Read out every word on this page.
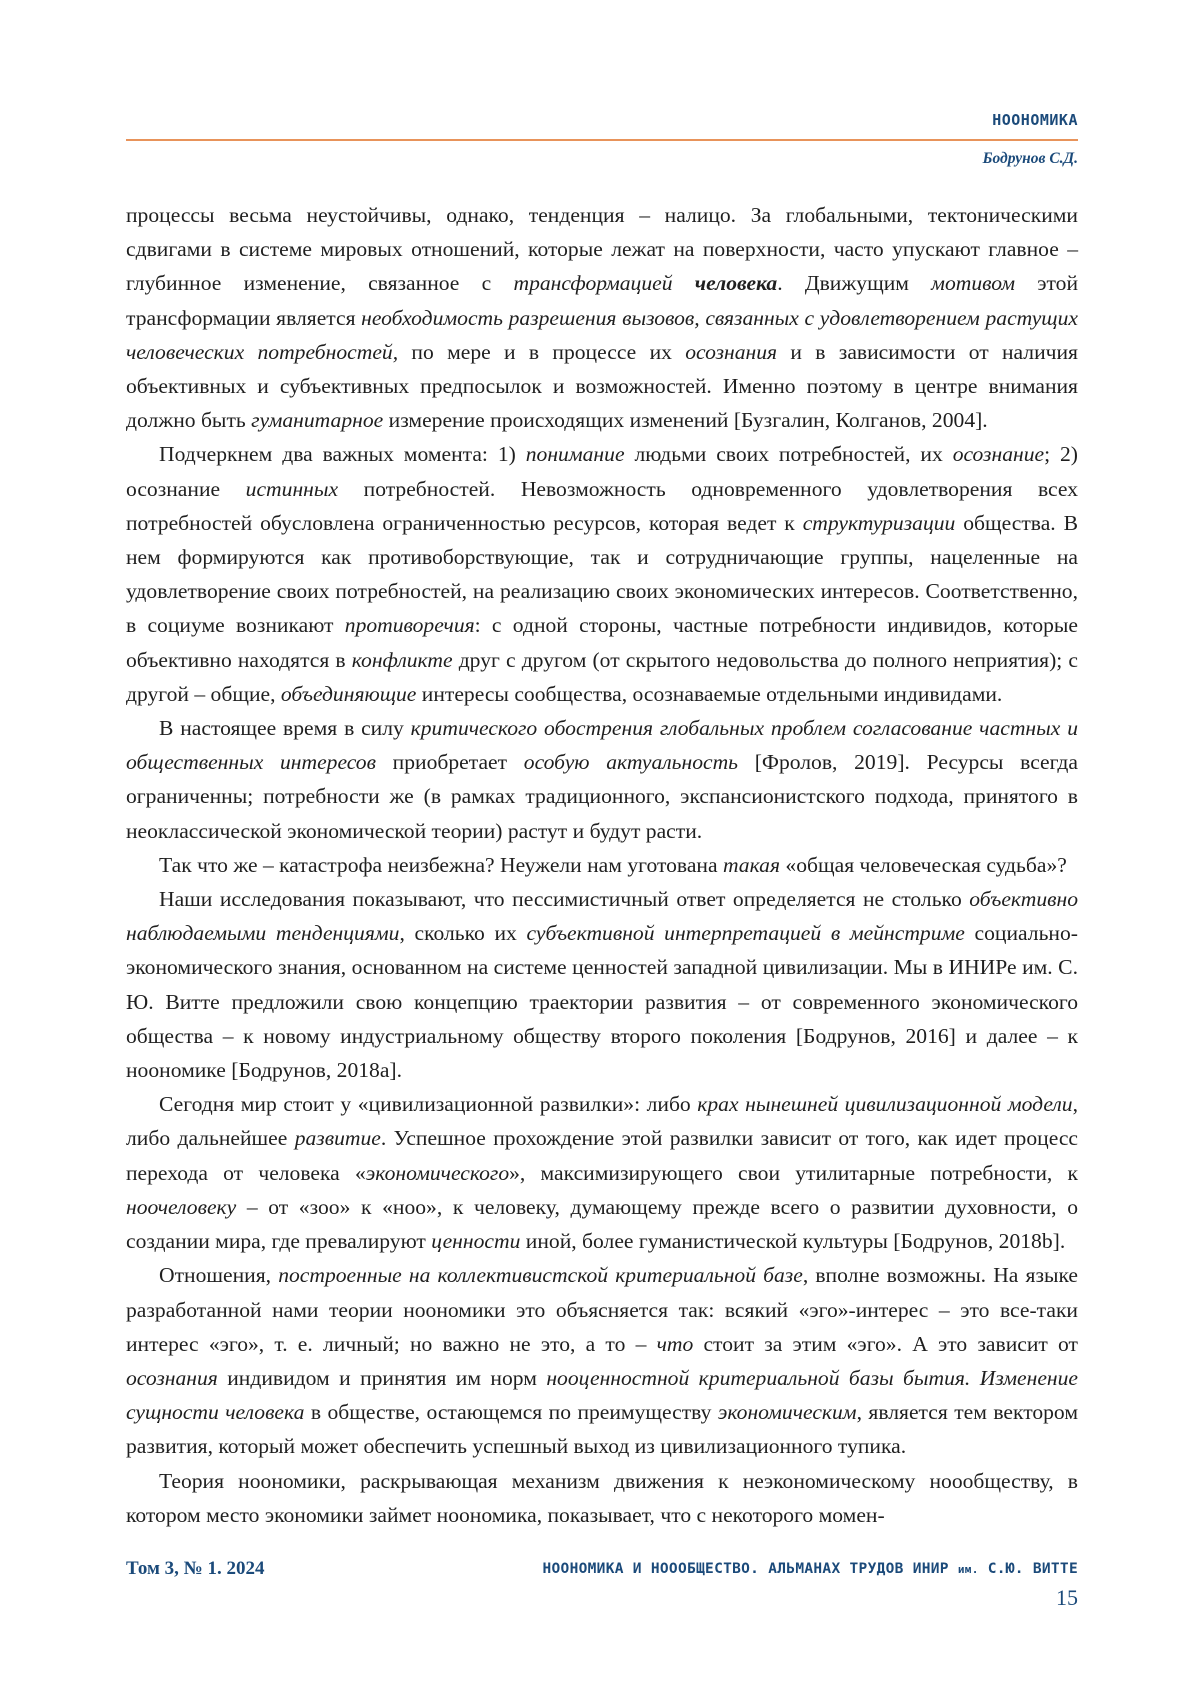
НООНОМИКА
Бодрунов С.Д.

процессы весьма неустойчивы, однако, тенденция – налицо. За глобальными, тектоническими сдвигами в системе мировых отношений, которые лежат на поверхности, часто упускают главное – глубинное изменение, связанное с трансформацией человека. Движущим мотивом этой трансформации является необходимость разрешения вызовов, связанных с удовлетворением растущих человеческих потребностей, по мере и в процессе их осознания и в зависимости от наличия объективных и субъективных предпосылок и возможностей. Именно поэтому в центре внимания должно быть гуманитарное измерение происходящих изменений [Бузгалин, Колганов, 2004].

Подчеркнем два важных момента: 1) понимание людьми своих потребностей, их осознание; 2) осознание истинных потребностей. Невозможность одновременного удовлетворения всех потребностей обусловлена ограниченностью ресурсов, которая ведет к структуризации общества. В нем формируются как противоборствующие, так и сотрудничающие группы, нацеленные на удовлетворение своих потребностей, на реализацию своих экономических интересов. Соответственно, в социуме возникают противоречия: с одной стороны, частные потребности индивидов, которые объективно находятся в конфликте друг с другом (от скрытого недовольства до полного неприятия); с другой – общие, объединяющие интересы сообщества, осознаваемые отдельными индивидами.

В настоящее время в силу критического обострения глобальных проблем согласование частных и общественных интересов приобретает особую актуальность [Фролов, 2019]. Ресурсы всегда ограниченны; потребности же (в рамках традиционного, экспансионистского подхода, принятого в неоклассической экономической теории) растут и будут расти.

Так что же – катастрофа неизбежна? Неужели нам уготована такая «общая человеческая судьба»?

Наши исследования показывают, что пессимистичный ответ определяется не столько объективно наблюдаемыми тенденциями, сколько их субъективной интерпретацией в мейнстриме социально-экономического знания, основанном на системе ценностей западной цивилизации. Мы в ИНИРе им. С. Ю. Витте предложили свою концепцию траектории развития – от современного экономического общества – к новому индустриальному обществу второго поколения [Бодрунов, 2016] и далее – к нооно­мике [Бодрунов, 2018a].

Сегодня мир стоит у «цивилизационной развилки»: либо крах нынешней цивилизационной модели, либо дальнейшее развитие. Успешное прохождение этой развилки зависит от того, как идет процесс перехода от человека «экономического», максимизирующего свои утилитарные потребности, к ноочеловеку – от «зоо» к «ноо», к человеку, думающему прежде всего о развитии духовности, о создании мира, где превалируют ценности иной, более гуманистической культуры [Бодрунов, 2018b].

Отношения, построенные на коллективистской критериальной базе, вполне возможны. На языке разработанной нами теории нооно­мики это объясняется так: всякий «эго»-интерес – это все-таки интерес «эго», т. е. личный; но важно не это, а то – что стоит за этим «эго». А это зависит от осознания индивидом и принятия им норм нооценностной критериальной базы бытия. Изменение сущности человека в обществе, остающемся по преимуществу экономическим, является тем вектором развития, который может обеспечить успешный выход из цивилизационного тупика.

Теория нооно­мики, раскрывающая механизм движения к неэкономическому нооо­бществу, в котором место экономики займет нооно­мика, показывает, что с некоторого момен-

Том 3, № 1. 2024	НООНОМИКА И НООО­БЩЕСТВО. АЛЬМАНАХ ТРУДОВ ИНИР им. С.Ю. ВИТТЕ
15
